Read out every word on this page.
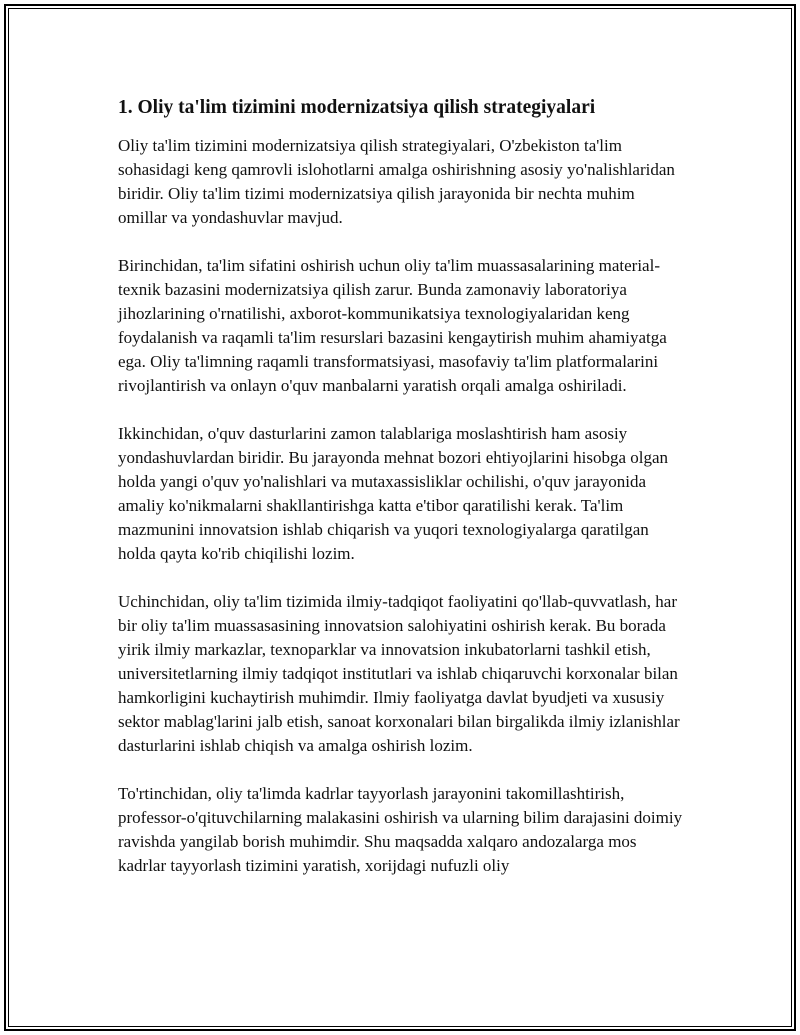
1. Oliy ta'lim tizimini modernizatsiya qilish strategiyalari

Oliy ta'lim tizimini modernizatsiya qilish strategiyalari, O'zbekiston ta'lim sohasidagi keng qamrovli islohotlarni amalga oshirishning asosiy yo'nalishlaridan biridir. Oliy ta'lim tizimi modernizatsiya qilish jarayonida bir nechta muhim omillar va yondashuvlar mavjud.

Birinchidan, ta'lim sifatini oshirish uchun oliy ta'lim muassasalarining material-texnik bazasini modernizatsiya qilish zarur. Bunda zamonaviy laboratoriya jihozlarining o'rnatilishi, axborot-kommunikatsiya texnologiyalaridan keng foydalanish va raqamli ta'lim resurslari bazasini kengaytirish muhim ahamiyatga ega. Oliy ta'limning raqamli transformatsiyasi, masofaviy ta'lim platformalarini rivojlantirish va onlayn o'quv manbalarni yaratish orqali amalga oshiriladi.

Ikkinchidan, o'quv dasturlarini zamon talablariga moslashtirish ham asosiy yondashuvlardan biridir. Bu jarayonda mehnat bozori ehtiyojlarini hisobga olgan holda yangi o'quv yo'nalishlari va mutaxassisliklar ochilishi, o'quv jarayonida amaliy ko'nikmalarni shakllantirishga katta e'tibor qaratilishi kerak. Ta'lim mazmunini innovatsion ishlab chiqarish va yuqori texnologiyalarga qaratilgan holda qayta ko'rib chiqilishi lozim.

Uchinchidan, oliy ta'lim tizimida ilmiy-tadqiqot faoliyatini qo'llab-quvvatlash, har bir oliy ta'lim muassasasining innovatsion salohiyatini oshirish kerak. Bu borada yirik ilmiy markazlar, texnoparklar va innovatsion inkubatorlarni tashkil etish, universitetlarning ilmiy tadqiqot institutlari va ishlab chiqaruvchi korxonalar bilan hamkorligini kuchaytirish muhimdir. Ilmiy faoliyatga davlat byudjeti va xususiy sektor mablag'larini jalb etish, sanoat korxonalari bilan birgalikda ilmiy izlanishlar dasturlarini ishlab chiqish va amalga oshirish lozim.

To'rtinchidan, oliy ta'limda kadrlar tayyorlash jarayonini takomillashtirish, professor-o'qituvchilarning malakasini oshirish va ularning bilim darajasini doimiy ravishda yangilab borish muhimdir. Shu maqsadda xalqaro andozalarga mos kadrlar tayyorlash tizimini yaratish, xorijdagi nufuzli oliy
